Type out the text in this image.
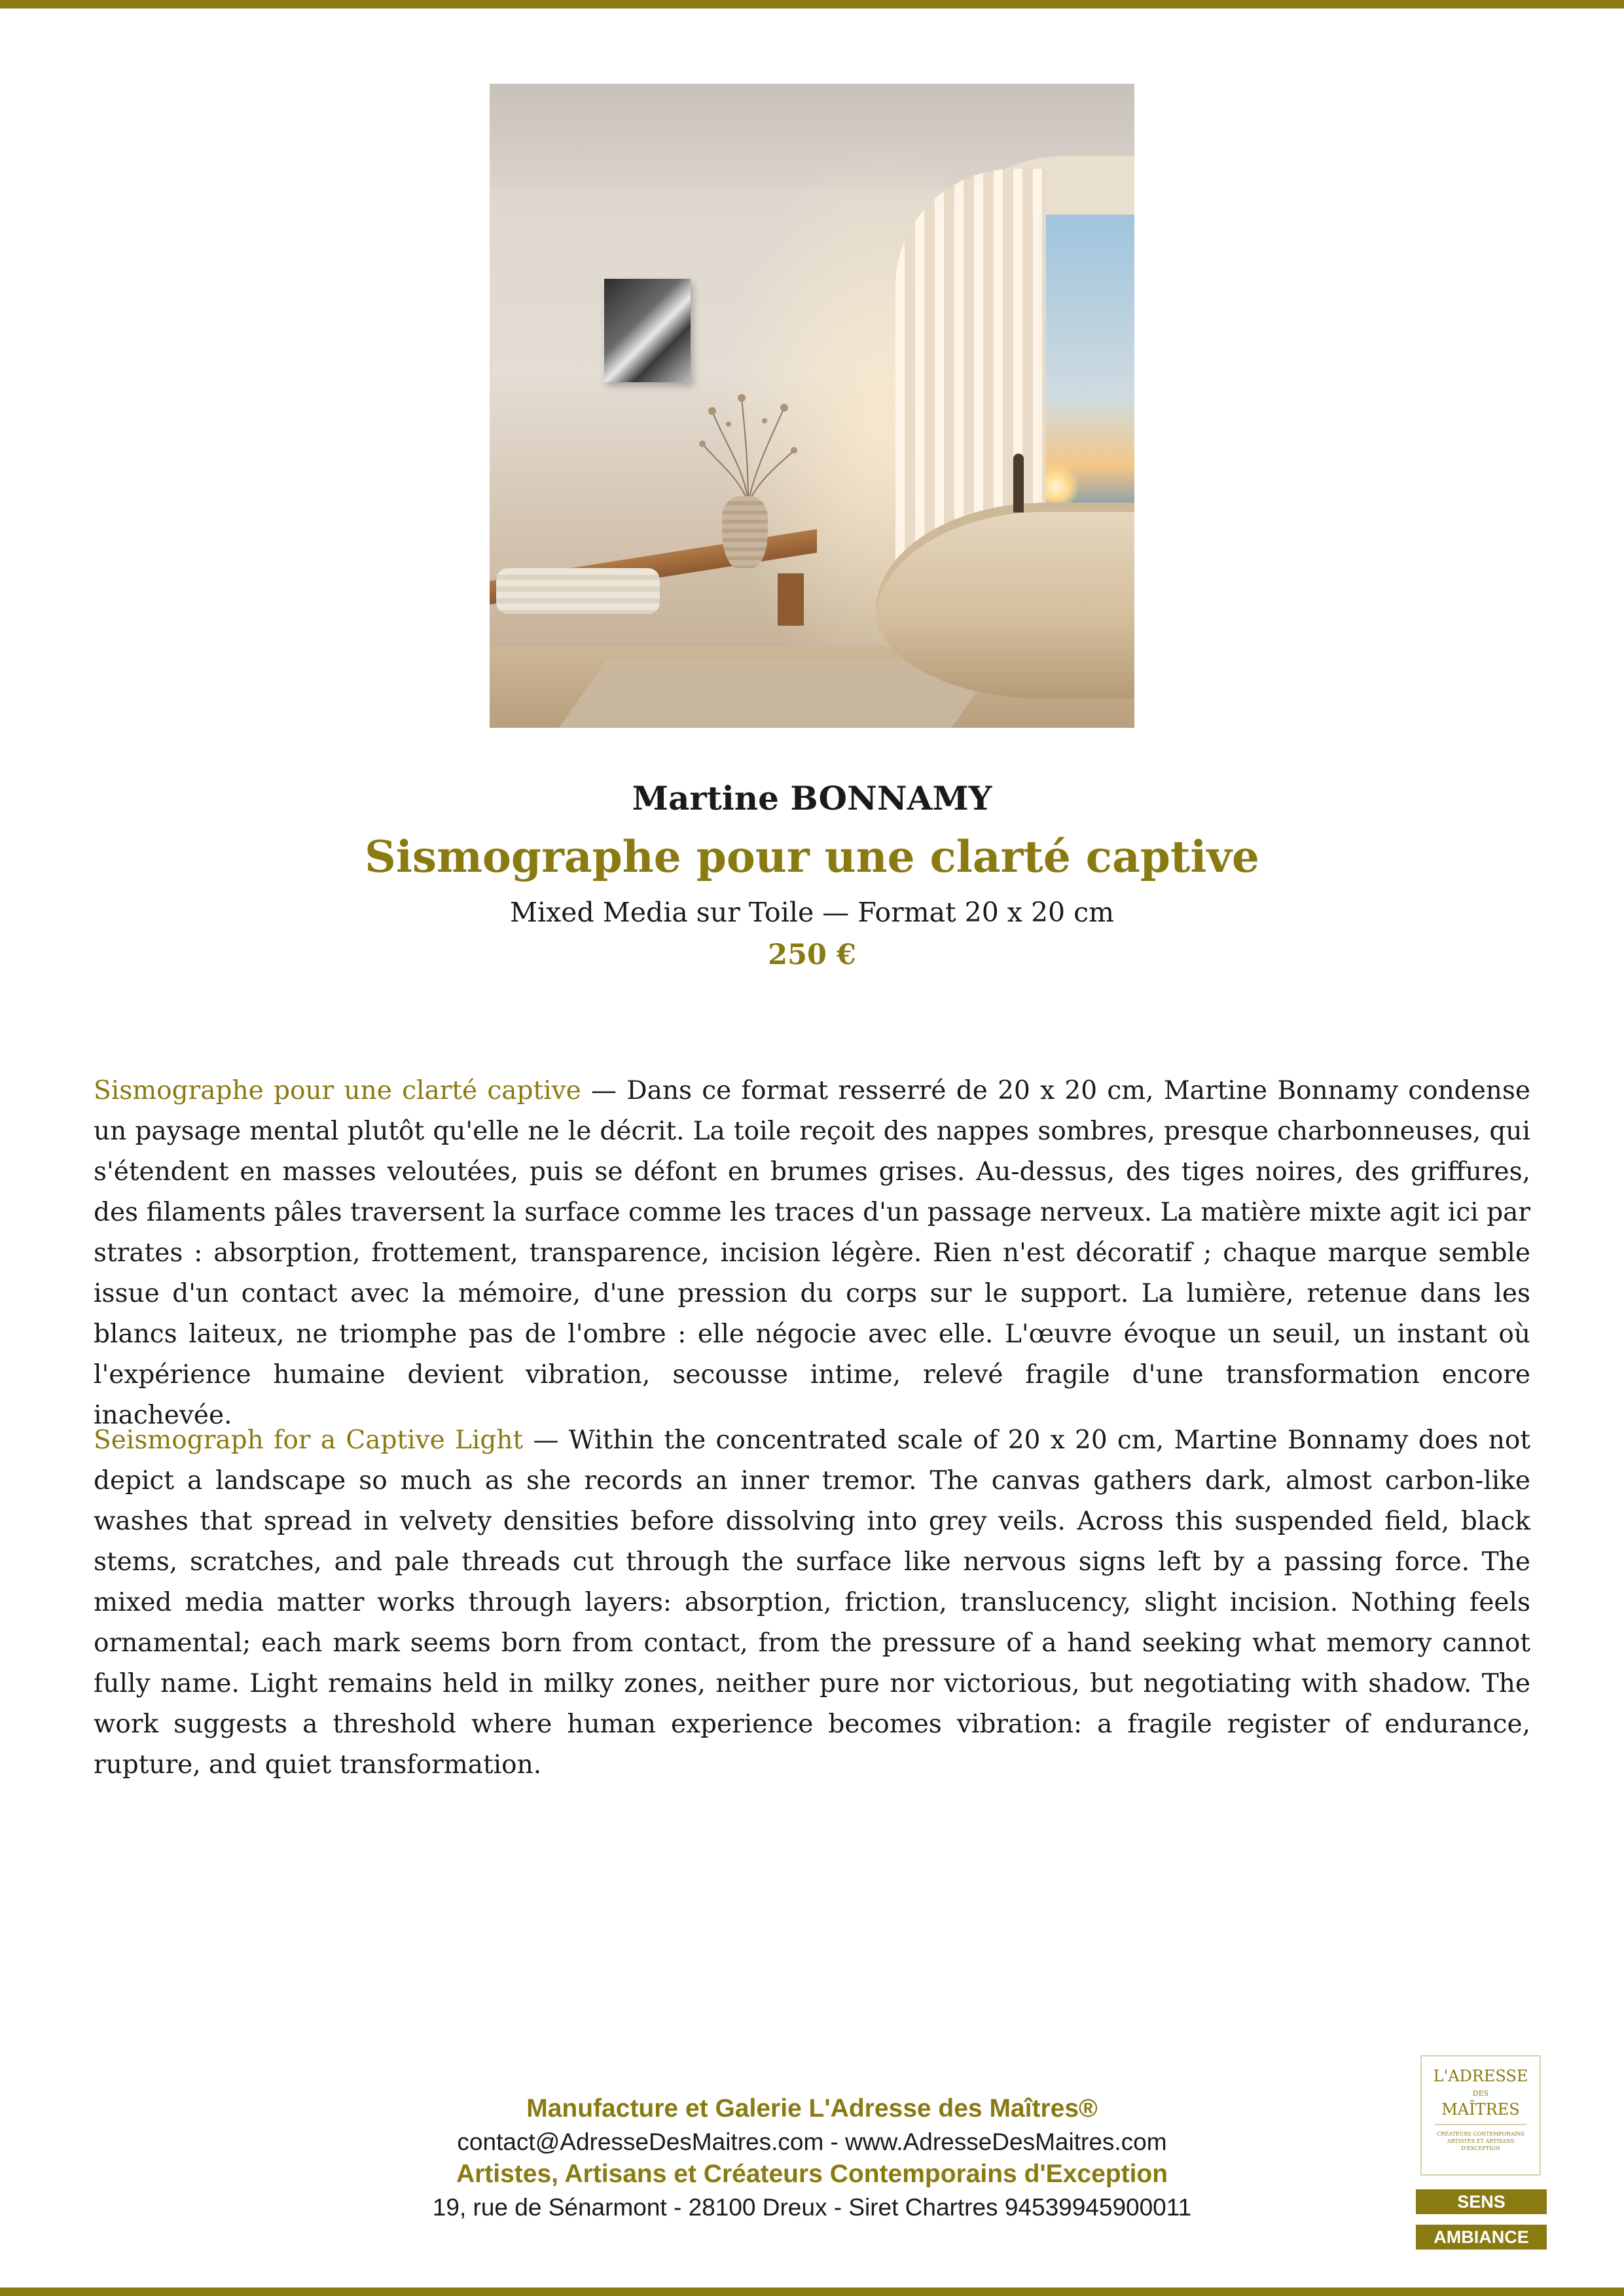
Martine BONNAMY
Sismographe pour une clarté captive
Mixed Media sur Toile — Format 20 x 20 cm
250 €

Sismographe pour une clarté captive — Dans ce format resserré de 20 x 20 cm, Martine Bonnamy condense un paysage mental plutôt qu'elle ne le décrit. La toile reçoit des nappes sombres, presque charbonneuses, qui s'étendent en masses veloutées, puis se défont en brumes grises. Au-dessus, des tiges noires, des griffures, des filaments pâles traversent la surface comme les traces d'un passage nerveux. La matière mixte agit ici par strates : absorption, frottement, transparence, incision légère. Rien n'est décoratif ; chaque marque semble issue d'un contact avec la mémoire, d'une pression du corps sur le support. La lumière, retenue dans les blancs laiteux, ne triomphe pas de l'ombre : elle négocie avec elle. L'œuvre évoque un seuil, un instant où l'expérience humaine devient vibration, secousse intime, relevé fragile d'une transformation encore inachevée.

Seismograph for a Captive Light — Within the concentrated scale of 20 x 20 cm, Martine Bonnamy does not depict a landscape so much as she records an inner tremor. The canvas gathers dark, almost carbon-like washes that spread in velvety densities before dissolving into grey veils. Across this suspended field, black stems, scratches, and pale threads cut through the surface like nervous signs left by a passing force. The mixed media matter works through layers: absorption, friction, translucency, slight incision. Nothing feels ornamental; each mark seems born from contact, from the pressure of a hand seeking what memory cannot fully name. Light remains held in milky zones, neither pure nor victorious, but negotiating with shadow. The work suggests a threshold where human experience becomes vibration: a fragile register of endurance, rupture, and quiet transformation.

Manufacture et Galerie L'Adresse des Maîtres®
contact@AdresseDesMaitres.com - www.AdresseDesMaitres.com
Artistes, Artisans et Créateurs Contemporains d'Exception
19, rue de Sénarmont - 28100 Dreux - Siret Chartres 94539945900011
L'ADRESSE
DES
MAÎTRES
CRÉATEURS CONTEMPORAINS ARTISTES ET ARTISANS D'EXCEPTION
SENS
AMBIANCE
